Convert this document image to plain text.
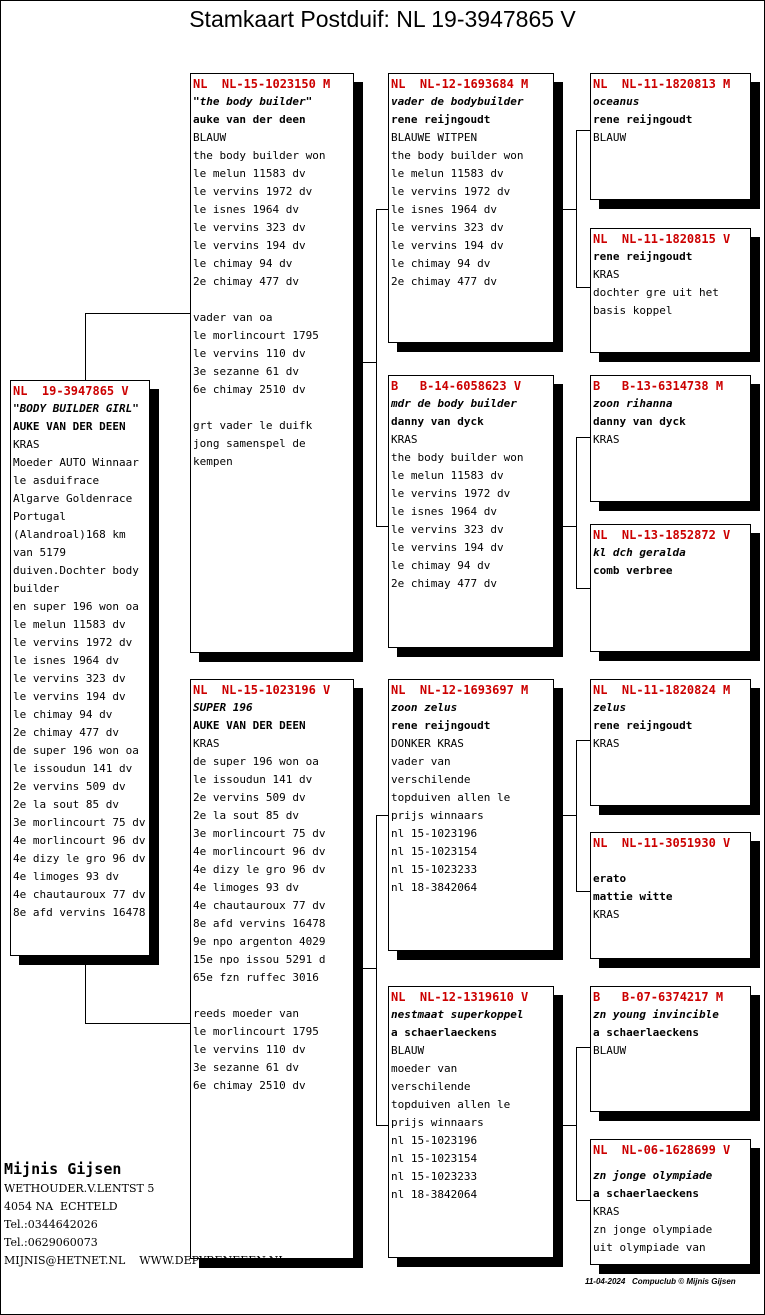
Stamkaart Postduif: NL 19-3947865 V
NL  19-3947865 V
"BODY BUILDER GIRL"
AUKE VAN DER DEEN
KRAS
Moeder AUTO Winnaar
le asduifrace
Algarve Goldenrace
Portugal
(Alandroal)168 km
van 5179
duiven.Dochter body
builder
en super 196 won oa
le melun 11583 dv
le vervins 1972 dv
le isnes 1964 dv
le vervins 323 dv
le vervins 194 dv
le chimay 94 dv
2e chimay 477 dv
de super 196 won oa
le issoudun 141 dv
2e vervins 509 dv
2e la sout 85 dv
3e morlincourt 75 dv
4e morlincourt 96 dv
4e dizy le gro 96 dv
4e limoges 93 dv
4e chautauroux 77 dv
8e afd vervins 16478
NL  NL-15-1023150 M
"the body builder"
auke van der deen
BLAUW
the body builder won
le melun 11583 dv
le vervins 1972 dv
le isnes 1964 dv
le vervins 323 dv
le vervins 194 dv
le chimay 94 dv
2e chimay 477 dv
vader van oa
le morlincourt 1795
le vervins 110 dv
3e sezanne 61 dv
6e chimay 2510 dv
grt vader le duifk
jong samenspel de
kempen
NL  NL-15-1023196 V
SUPER 196
AUKE VAN DER DEEN
KRAS
de super 196 won oa
le issoudun 141 dv
2e vervins 509 dv
2e la sout 85 dv
3e morlincourt 75 dv
4e morlincourt 96 dv
4e dizy le gro 96 dv
4e limoges 93 dv
4e chautauroux 77 dv
8e afd vervins 16478
9e npo argenton 4029
15e npo issou 5291 d
65e fzn ruffec 3016
reeds moeder van
le morlincourt 1795
le vervins 110 dv
3e sezanne 61 dv
6e chimay 2510 dv
NL  NL-12-1693684 M
vader de bodybuilder
rene reijngoudt
BLAUWE WITPEN
the body builder won
le melun 11583 dv
le vervins 1972 dv
le isnes 1964 dv
le vervins 323 dv
le vervins 194 dv
le chimay 94 dv
2e chimay 477 dv
B   B-14-6058623 V
mdr de body builder
danny van dyck
KRAS
the body builder won
le melun 11583 dv
le vervins 1972 dv
le isnes 1964 dv
le vervins 323 dv
le vervins 194 dv
le chimay 94 dv
2e chimay 477 dv
NL  NL-12-1693697 M
zoon zelus
rene reijngoudt
DONKER KRAS
vader van
verschilende
topduiven allen le
prijs winnaars
nl 15-1023196
nl 15-1023154
nl 15-1023233
nl 18-3842064
NL  NL-12-1319610 V
nestmaat superkoppel
a schaerlaeckens
BLAUW
moeder van
verschilende
topduiven allen le
prijs winnaars
nl 15-1023196
nl 15-1023154
nl 15-1023233
nl 18-3842064
NL  NL-11-1820813 M
oceanus
rene reijngoudt
BLAUW
NL  NL-11-1820815 V
rene reijngoudt
KRAS
dochter gre uit het
basis koppel
B   B-13-6314738 M
zoon rihanna
danny van dyck
KRAS
NL  NL-13-1852872 V
kl dch geralda
comb verbree
NL  NL-11-1820824 M
zelus
rene reijngoudt
KRAS
NL  NL-11-3051930 V
erato
mattie witte
KRAS
B   B-07-6374217 M
zn young invincible
a schaerlaeckens
BLAUW
NL  NL-06-1628699 V
zn jonge olympiade
a schaerlaeckens
KRAS
zn jonge olympiade
uit olympiade van
Mijnis Gijsen
WETHOUDER.V.LENTST 5
4054 NA  ECHTELD
Tel.:0344642026
Tel.:0629060073
MIJNIS@HETNET.NL    WWW.DEPYRENEEEN.NL
11-04-2024   Compuclub © Mijnis Gijsen
